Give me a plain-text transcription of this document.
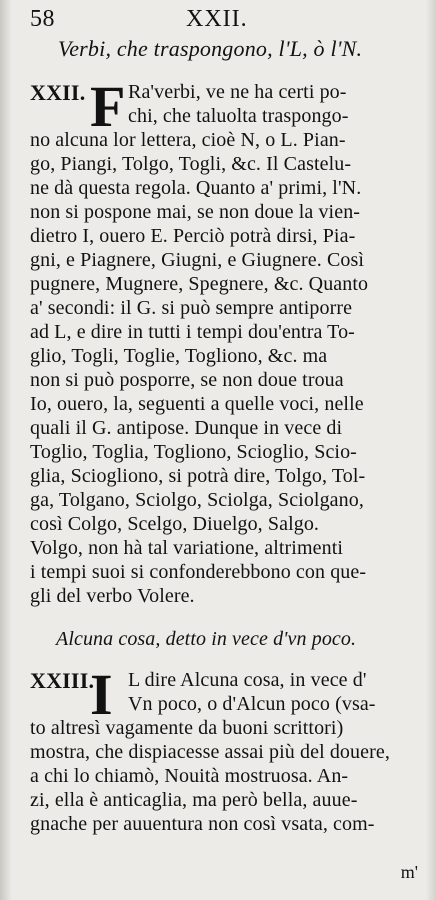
58	XXII.
Verbi, che traspongono, l'L, ò l'N.
XXII. F Ra'verbi, ve ne ha certi po-
chi, che taluolta traspongo-
no alcuna lor lettera, cioè N, o L. Pian-
go, Piangi, Tolgo, Togli, &c. Il Castelu-
ne dà questa regola. Quanto a' primi, l'N.
non si pospone mai, se non doue la vien-
dietro I, ouero E. Perciò potrà dirsi, Pia-
gni, e Piagnere, Giugni, e Giugnere. Così
pugnere, Mugnere, Spegnere, &c. Quanto
a' secondi: il G. si può sempre antiporre
ad L, e dire in tutti i tempi dou'entra To-
glio, Togli, Toglie, Togliono, &c. ma
non si può posporre, se non doue troua
Io, ouero, la, seguenti a quelle voci, nelle
quali il G. antipose. Dunque in vece di
Toglio, Toglia, Togliono, Scioglio, Scio-
glia, Sciogliono, si potrà dire, Tolgo, Tol-
ga, Tolgano, Sciolgo, Sciolga, Sciolgano,
così Colgo, Scelgo, Diuelgo, Salgo.
Volgo, non hà tal variatione, altrimenti
i tempi suoi si confonderebbono con que-
gli del verbo Volere.
Alcuna cosa, detto in vece d'vn poco.
XXIII.
I L dire Alcuna cosa, in vece d'
Vn poco, o d'Alcun poco (vsa-
to altresì vagamente da buoni scrittori)
mostra, che dispiacesse assai più del douere,
a chi lo chiamò, Nouità mostruosa. An-
zi, ella è anticaglia, ma però bella, auue-
gnache per auuentura non così vsata, com-
m'
